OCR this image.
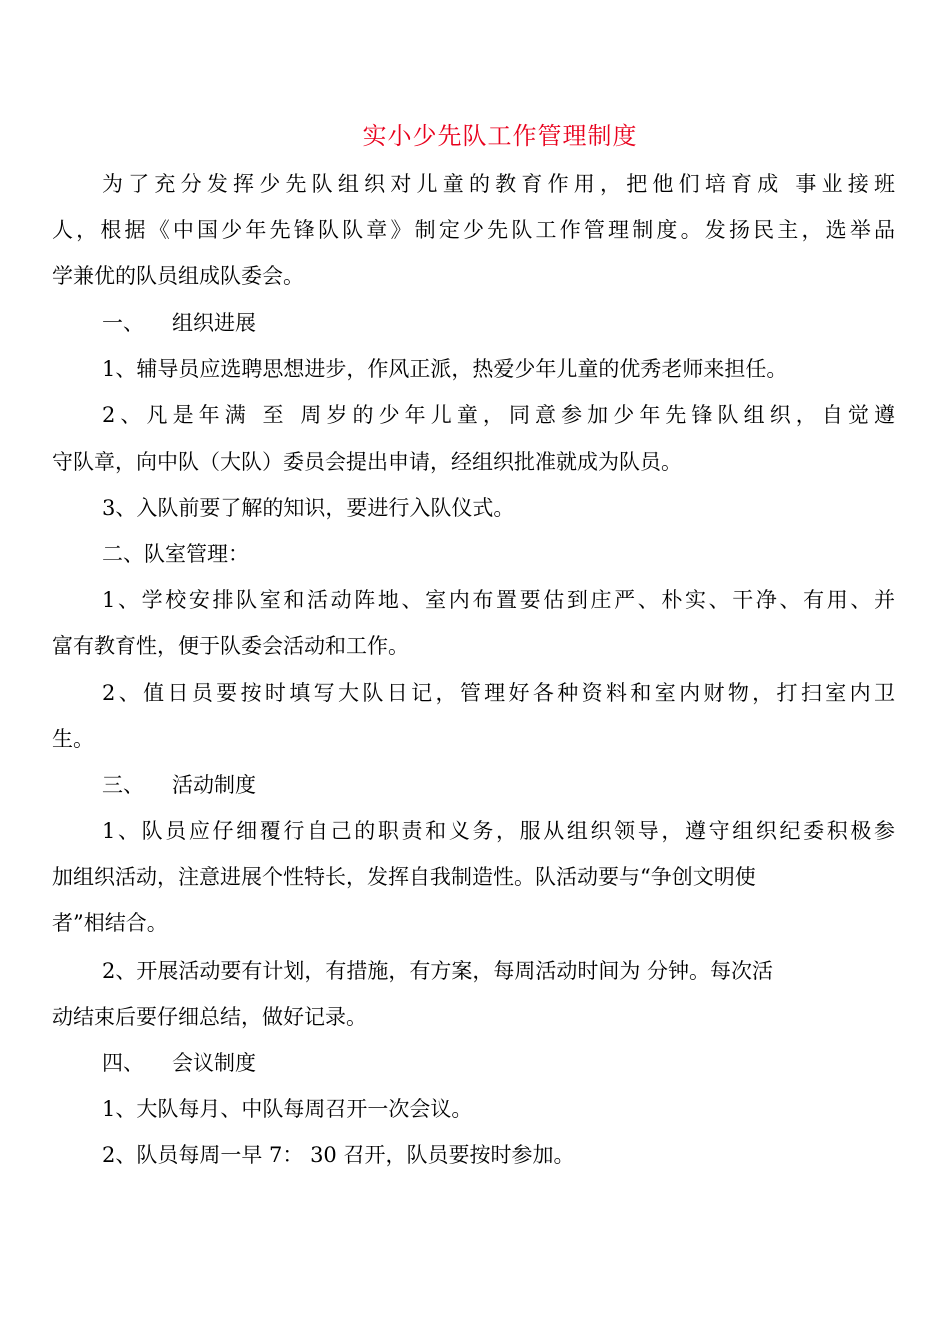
实小少先队工作管理制度
为了充分发挥少先队组织对儿童的教育作用，把他们培育成 事业接班
人，根据《中国少年先锋队队章》制定少先队工作管理制度。发扬民主，选举品
学兼优的队员组成队委会。
一、 组织进展
1、辅导员应选聘思想进步，作风正派，热爱少年儿童的优秀老师来担任。
2、凡是年满 至 周岁的少年儿童，同意参加少年先锋队组织，自觉遵
守队章，向中队（大队）委员会提出申请，经组织批准就成为队员。
3、入队前要了解的知识，要进行入队仪式。
二、队室管理：
1、学校安排队室和活动阵地、室内布置要估到庄严、朴实、干净、有用、并
富有教育性，便于队委会活动和工作。
2、值日员要按时填写大队日记，管理好各种资料和室内财物，打扫室内卫
生。
三、 活动制度
1、队员应仔细覆行自己的职责和义务，服从组织领导，遵守组织纪委积极参
加组织活动，注意进展个性特长，发挥自我制造性。队活动要与“争创文明使
者”相结合。
2、开展活动要有计划，有措施，有方案，每周活动时间为 分钟。每次活
动结束后要仔细总结，做好记录。
四、 会议制度
1、大队每月、中队每周召开一次会议。
2、队员每周一早 7： 30 召开，队员要按时参加。
